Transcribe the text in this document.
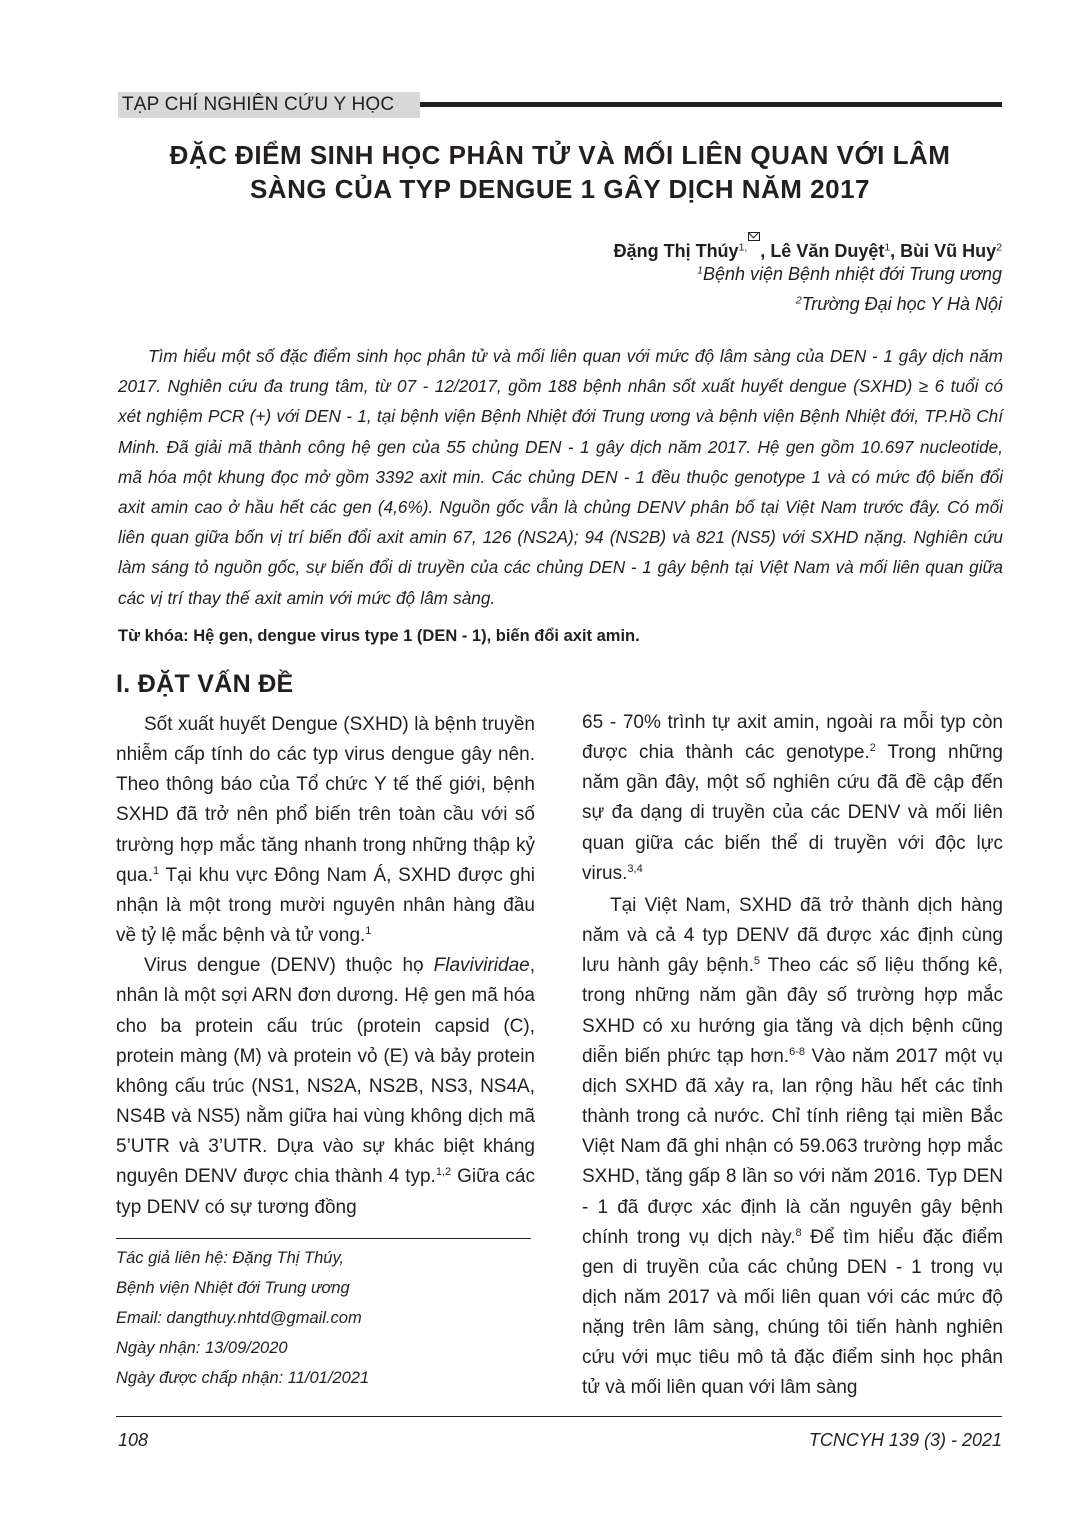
TẠP CHÍ NGHIÊN CỨU Y HỌC
ĐẶC ĐIỂM SINH HỌC PHÂN TỬ VÀ MỐI LIÊN QUAN VỚI LÂM
SÀNG CỦA TYP DENGUE 1 GÂY DỊCH NĂM 2017
Đặng Thị Thúy$^{1,}$ , Lê Văn Duyệt$^1$, Bùi Vũ Huy$^2$
$^1$Bệnh viện Bệnh nhiệt đới Trung ương
$^2$Trường Đại học Y Hà Nội
Tìm hiểu một số đặc điểm sinh học phân tử và mối liên quan với mức độ lâm sàng của DEN - 1 gây dịch năm 2017. Nghiên cứu đa trung tâm, từ 07 - 12/2017, gồm 188 bệnh nhân sốt xuất huyết dengue (SXHD) ≥ 6 tuổi có xét nghiệm PCR (+) với DEN - 1, tại bệnh viện Bệnh Nhiệt đới Trung ương và bệnh viện Bệnh Nhiệt đới, TP.Hồ Chí Minh. Đã giải mã thành công hệ gen của 55 chủng DEN - 1 gây dịch năm 2017. Hệ gen gồm 10.697 nucleotide, mã hóa một khung đọc mở gồm 3392 axit min. Các chủng DEN - 1 đều thuộc genotype 1 và có mức độ biến đổi axit amin cao ở hầu hết các gen (4,6%). Nguồn gốc vẫn là chủng DENV phân bố tại Việt Nam trước đây. Có mối liên quan giữa bốn vị trí biến đổi axit amin 67, 126 (NS2A); 94 (NS2B) và 821 (NS5) với SXHD nặng. Nghiên cứu làm sáng tỏ nguồn gốc, sự biến đổi di truyền của các chủng DEN - 1 gây bệnh tại Việt Nam và mối liên quan giữa các vị trí thay thế axit amin với mức độ lâm sàng.
Từ khóa: Hệ gen, dengue virus type 1 (DEN - 1), biến đổi axit amin.
I. ĐẶT VẤN ĐỀ

Sốt xuất huyết Dengue (SXHD) là bệnh truyền nhiễm cấp tính do các typ virus dengue gây nên. Theo thông báo của Tổ chức Y tế thế giới, bệnh SXHD đã trở nên phổ biến trên toàn cầu với số trường hợp mắc tăng nhanh trong những thập kỷ qua.$^1$ Tại khu vực Đông Nam Á, SXHD được ghi nhận là một trong mười nguyên nhân hàng đầu về tỷ lệ mắc bệnh và tử vong.$^1$

Virus dengue (DENV) thuộc họ Flaviviridae, nhân là một sợi ARN đơn dương. Hệ gen mã hóa cho ba protein cấu trúc (protein capsid (C), protein màng (M) và protein vỏ (E) và bảy protein không cấu trúc (NS1, NS2A, NS2B, NS3, NS4A, NS4B và NS5) nằm giữa hai vùng không dịch mã 5’UTR và 3’UTR. Dựa vào sự khác biệt kháng nguyên DENV được chia thành 4 typ.$^{1,2}$ Giữa các typ DENV có sự tương đồng

65 - 70% trình tự axit amin, ngoài ra mỗi typ còn được chia thành các genotype.$^2$ Trong những năm gần đây, một số nghiên cứu đã đề cập đến sự đa dạng di truyền của các DENV và mối liên quan giữa các biến thể di truyền với độc lực virus.$^{3,4}$

Tại Việt Nam, SXHD đã trở thành dịch hàng năm và cả 4 typ DENV đã được xác định cùng lưu hành gây bệnh.$^5$ Theo các số liệu thống kê, trong những năm gần đây số trường hợp mắc SXHD có xu hướng gia tăng và dịch bệnh cũng diễn biến phức tạp hơn.$^{6-8}$ Vào năm 2017 một vụ dịch SXHD đã xảy ra, lan rộng hầu hết các tỉnh thành trong cả nước. Chỉ tính riêng tại miền Bắc Việt Nam đã ghi nhận có 59.063 trường hợp mắc SXHD, tăng gấp 8 lần so với năm 2016. Typ DEN - 1 đã được xác định là căn nguyên gây bệnh chính trong vụ dịch này.$^8$ Để tìm hiểu đặc điểm gen di truyền của các chủng DEN - 1 trong vụ dịch năm 2017 và mối liên quan với các mức độ nặng trên lâm sàng, chúng tôi tiến hành nghiên cứu với mục tiêu mô tả đặc điểm sinh học phân tử và mối liên quan với lâm sàng

Tác giả liên hệ: Đặng Thị Thúy,
Bệnh viện Nhiệt đới Trung ương
Email: dangthuy.nhtd@gmail.com
Ngày nhận: 13/09/2020
Ngày được chấp nhận: 11/01/2021
108	TCNCYH 139 (3) - 2021
